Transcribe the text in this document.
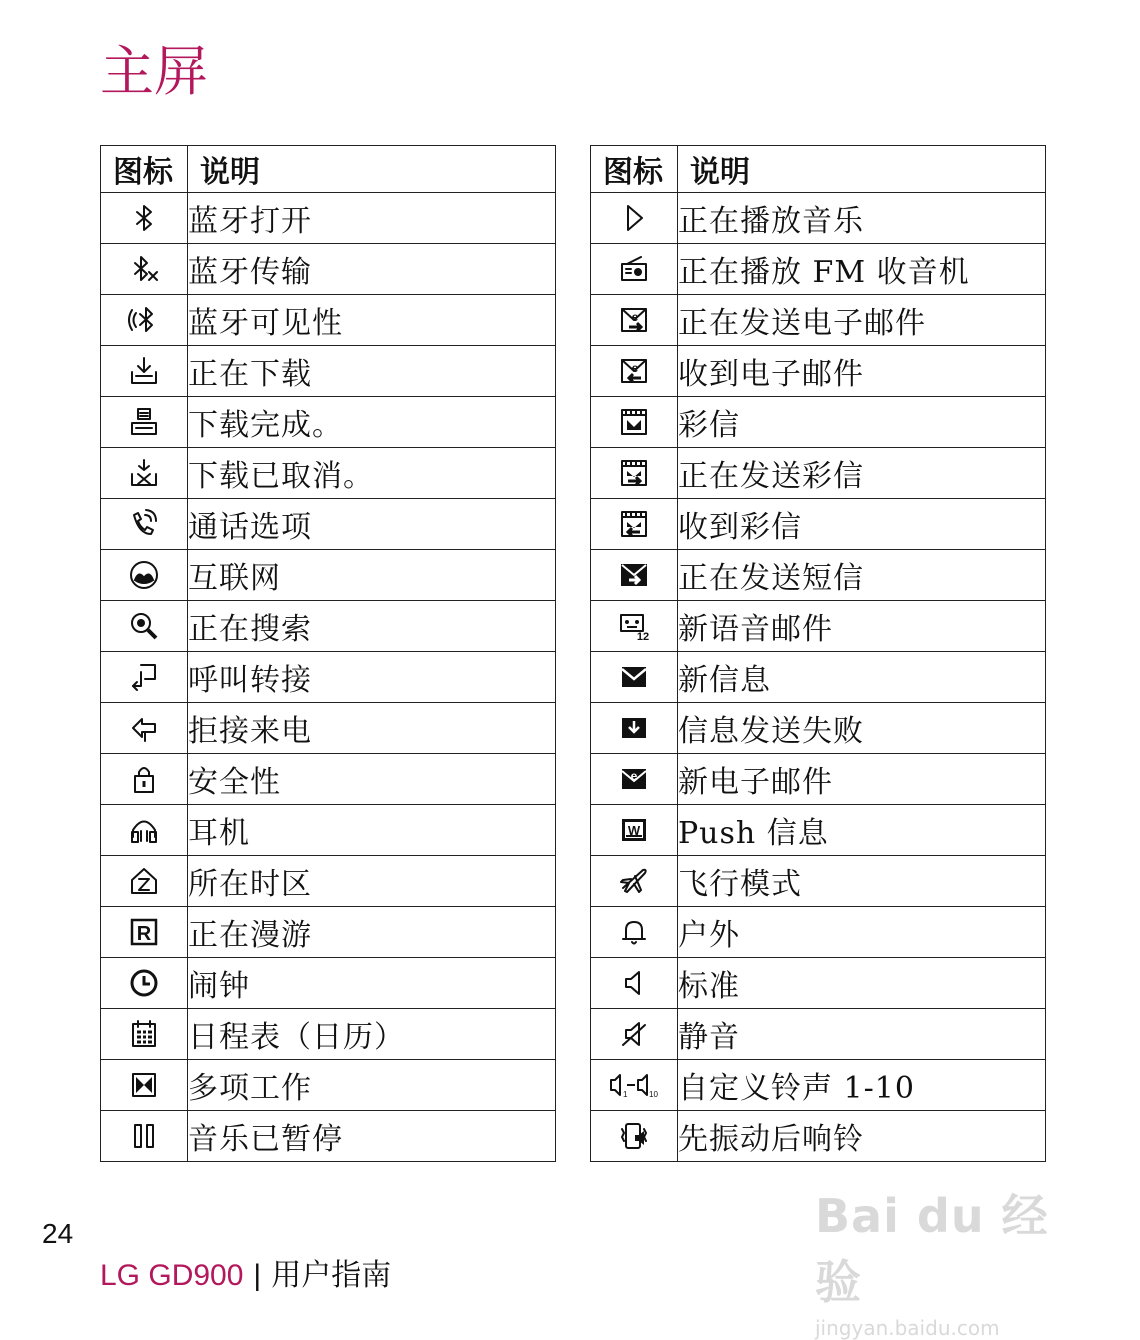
主屏
图标	说明
	蓝牙打开
	蓝牙传输
	蓝牙可见性
	正在下载
	下载完成。
	下载已取消。
	通话选项
	互联网
	正在搜索
	呼叫转接
	拒接来电
	安全性
	耳机
	所在时区

R	正在漫游
	闹钟
	日程表（日历）
	多项工作
	音乐已暂停
图标	说明
	正在播放音乐
	正在播放 FM 收音机

e	正在发送电子邮件

e	收到电子邮件
	彩信
	正在发送彩信
	收到彩信
	正在发送短信

12	新语音邮件
	新信息
	信息发送失败

e	新电子邮件

W	Push 信息
	飞行模式
	户外
	标准
	静音

1 10	自定义铃声 1-10
	先振动后响铃
24
LG GD900 | 用户指南
Bai du 经验
jingyan.baidu.com
